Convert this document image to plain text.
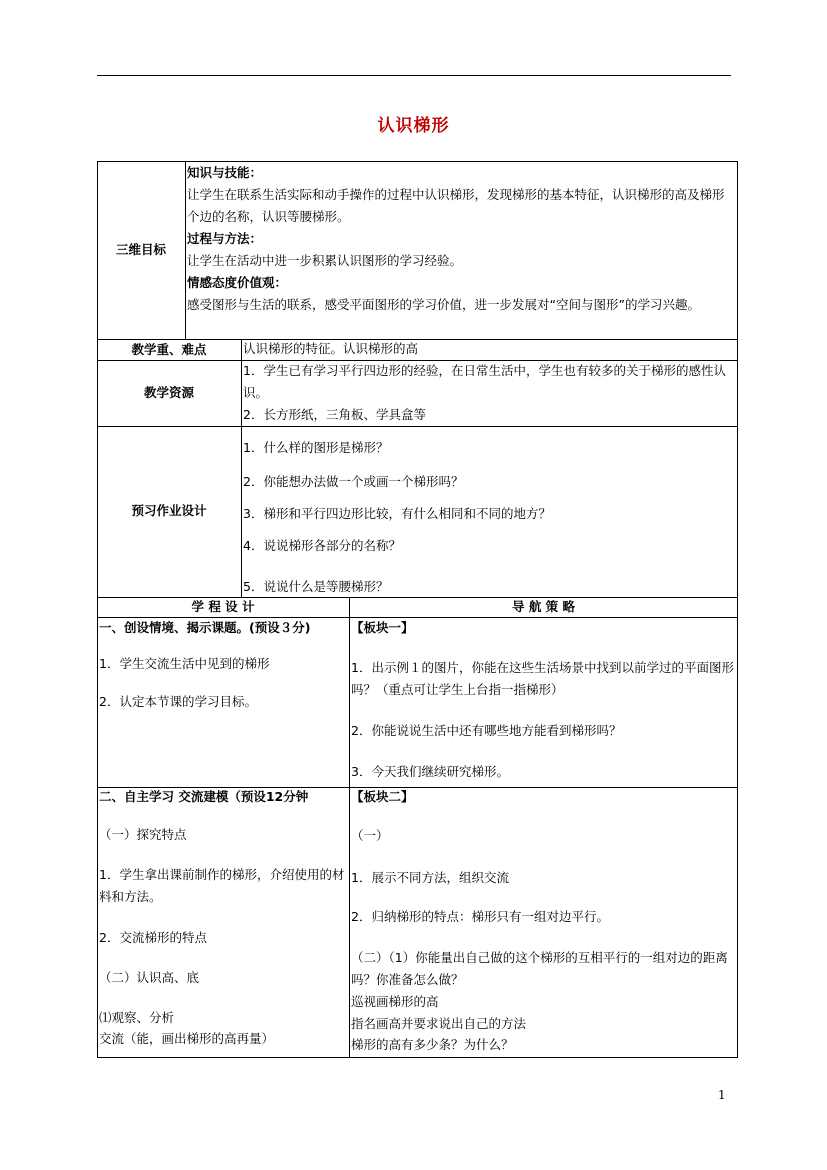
认识梯形
三维目标
知识与技能：
让学生在联系生活实际和动手操作的过程中认识梯形，发现梯形的基本特征，认识梯形的高及梯形个边的名称，认识等腰梯形。
过程与方法：
让学生在活动中进一步积累认识图形的学习经验。
情感态度价值观：
感受图形与生活的联系，感受平面图形的学习价值，进一步发展对“空间与图形”的学习兴趣。
教学重、难点	认识梯形的特征。认识梯形的高
教学资源
1．学生已有学习平行四边形的经验，在日常生活中，学生也有较多的关于梯形的感性认识。
2．长方形纸，三角板、学具盒等
预习作业设计
1．什么样的图形是梯形？
2．你能想办法做一个或画一个梯形吗？
3．梯形和平行四边形比较，有什么相同和不同的地方？
4．说说梯形各部分的名称？
5．说说什么是等腰梯形？
学 程 设 计	导 航 策 略
一、创设情境、揭示课题。(预设３分)
1．学生交流生活中见到的梯形
2．认定本节课的学习目标。
【板块一】
1．出示例１的图片，你能在这些生活场景中找到以前学过的平面图形吗？（重点可让学生上台指一指梯形）
2．你能说说生活中还有哪些地方能看到梯形吗？
3．今天我们继续研究梯形。
二、自主学习 交流建模（预设12分钟
（一）探究特点
1．学生拿出课前制作的梯形，介绍使用的材料和方法。
2．交流梯形的特点
（二）认识高、底
⑴观察、分析
交流（能，画出梯形的高再量）
【板块二】
（一）
1．展示不同方法，组织交流
2．归纳梯形的特点：梯形只有一组对边平行。
（二）（1）你能量出自己做的这个梯形的互相平行的一组对边的距离吗？你准备怎么做？
巡视画梯形的高
指名画高并要求说出自己的方法
梯形的高有多少条？为什么？
1
